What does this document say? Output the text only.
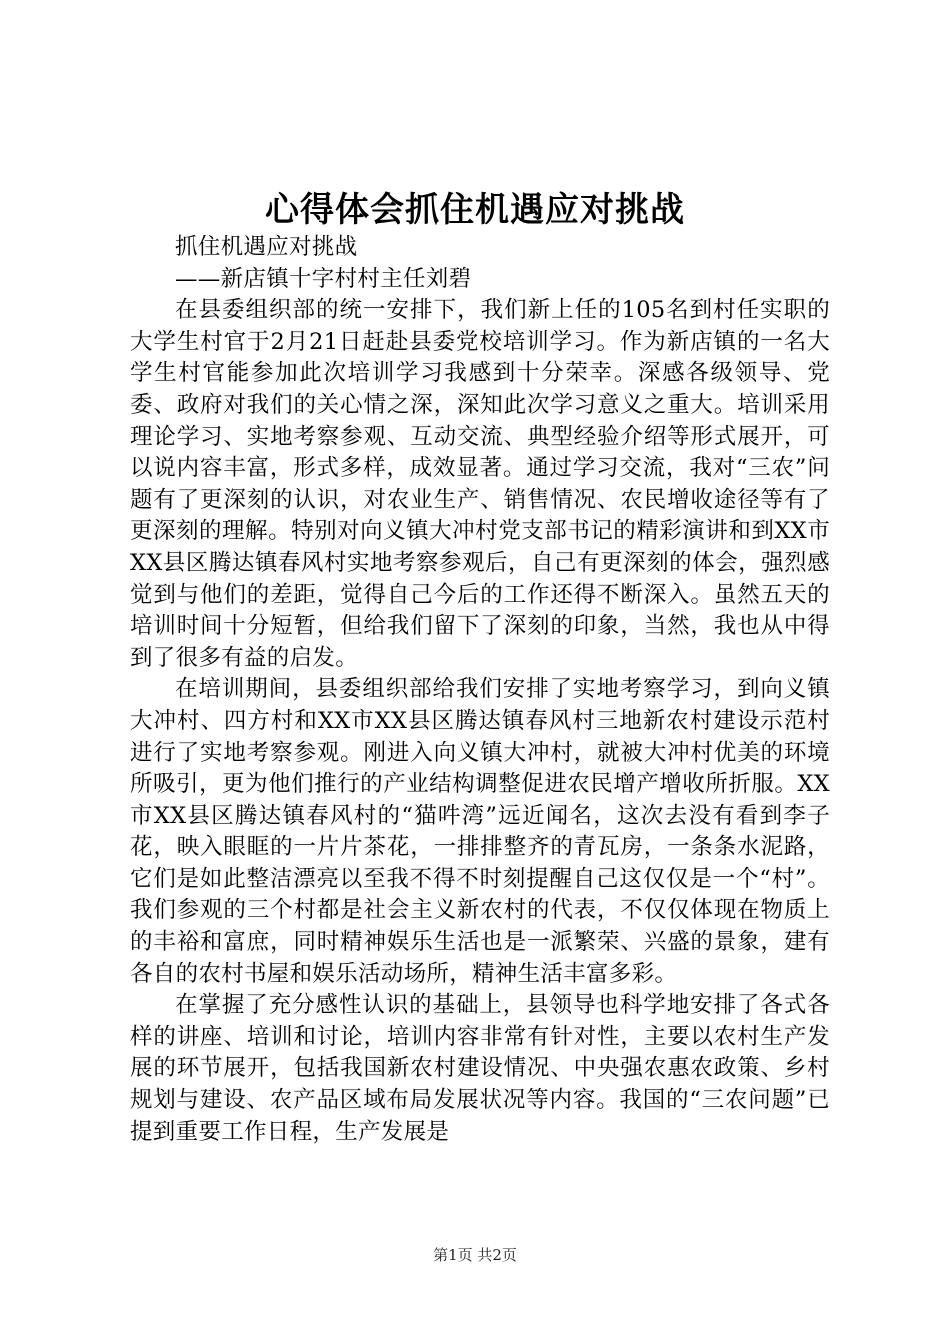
心得体会抓住机遇应对挑战

抓住机遇应对挑战

——新店镇十字村村主任刘碧

在县委组织部的统一安排下，我们新上任的105名到村任实职的大学生村官于2月21日赶赴县委党校培训学习。作为新店镇的一名大学生村官能参加此次培训学习我感到十分荣幸。深感各级领导、党委、政府对我们的关心情之深，深知此次学习意义之重大。培训采用理论学习、实地考察参观、互动交流、典型经验介绍等形式展开，可以说内容丰富，形式多样，成效显著。通过学习交流，我对“三农”问题有了更深刻的认识，对农业生产、销售情况、农民增收途径等有了更深刻的理解。特别对向义镇大冲村党支部书记的精彩演讲和到XX市XX县区腾达镇春风村实地考察参观后，自己有更深刻的体会，强烈感觉到与他们的差距，觉得自己今后的工作还得不断深入。虽然五天的培训时间十分短暂，但给我们留下了深刻的印象，当然，我也从中得到了很多有益的启发。

在培训期间，县委组织部给我们安排了实地考察学习，到向义镇大冲村、四方村和XX市XX县区腾达镇春风村三地新农村建设示范村进行了实地考察参观。刚进入向义镇大冲村，就被大冲村优美的环境所吸引，更为他们推行的产业结构调整促进农民增产增收所折服。XX市XX县区腾达镇春风村的“猫吽湾”远近闻名，这次去没有看到李子花，映入眼眶的一片片茶花，一排排整齐的青瓦房，一条条水泥路，它们是如此整洁漂亮以至我不得不时刻提醒自己这仅仅是一个“村”。我们参观的三个村都是社会主义新农村的代表，不仅仅体现在物质上的丰裕和富庶，同时精神娱乐生活也是一派繁荣、兴盛的景象，建有各自的农村书屋和娱乐活动场所，精神生活丰富多彩。

在掌握了充分感性认识的基础上，县领导也科学地安排了各式各样的讲座、培训和讨论，培训内容非常有针对性，主要以农村生产发展的环节展开，包括我国新农村建设情况、中央强农惠农政策、乡村规划与建设、农产品区域布局发展状况等内容。我国的“三农问题”已提到重要工作日程，生产发展是

第1页 共2页
